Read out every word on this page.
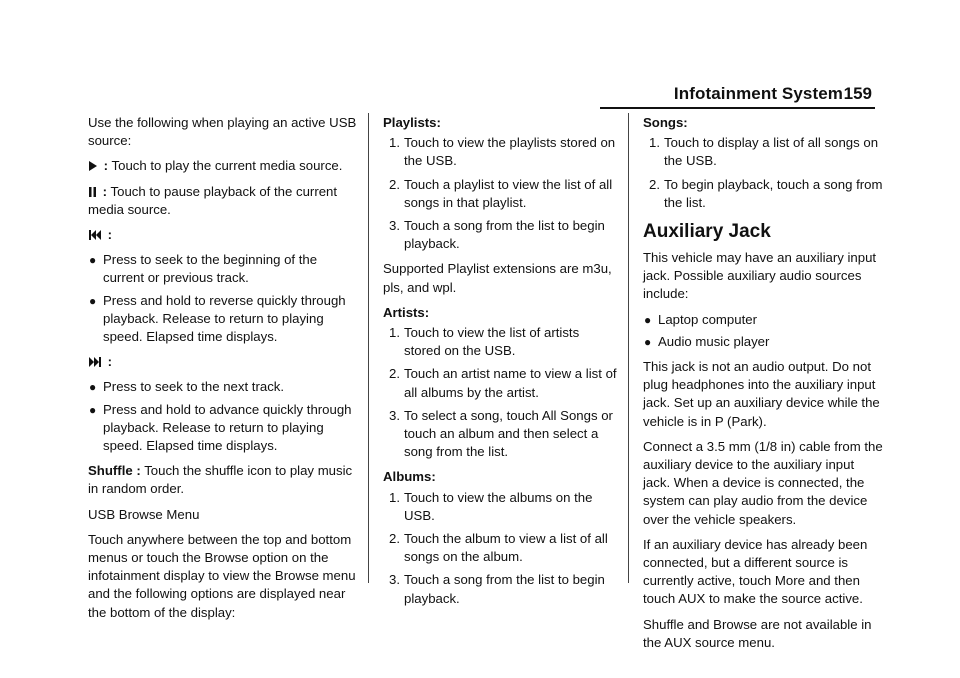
Infotainment System 159

Use the following when playing an active USB source:

: Touch to play the current media source.

: Touch to pause playback of the current media source.

:

● Press to seek to the beginning of the current or previous track.
● Press and hold to reverse quickly through playback. Release to return to playing speed. Elapsed time displays.

:

● Press to seek to the next track.
● Press and hold to advance quickly through playback. Release to return to playing speed. Elapsed time displays.

Shuffle : Touch the shuffle icon to play music in random order.

USB Browse Menu

Touch anywhere between the top and bottom menus or touch the Browse option on the infotainment display to view the Browse menu and the following options are displayed near the bottom of the display:

Playlists:

1. Touch to view the playlists stored on the USB.
2. Touch a playlist to view the list of all songs in that playlist.
3. Touch a song from the list to begin playback.

Supported Playlist extensions are m3u, pls, and wpl.

Artists:

1. Touch to view the list of artists stored on the USB.
2. Touch an artist name to view a list of all albums by the artist.
3. To select a song, touch All Songs or touch an album and then select a song from the list.

Albums:

1. Touch to view the albums on the USB.
2. Touch the album to view a list of all songs on the album.
3. Touch a song from the list to begin playback.

Songs:

1. Touch to display a list of all songs on the USB.
2. To begin playback, touch a song from the list.
Auxiliary Jack

This vehicle may have an auxiliary input jack. Possible auxiliary audio sources include:

● Laptop computer
● Audio music player

This jack is not an audio output. Do not plug headphones into the auxiliary input jack. Set up an auxiliary device while the vehicle is in P (Park).

Connect a 3.5 mm (1/8 in) cable from the auxiliary device to the auxiliary input jack. When a device is connected, the system can play audio from the device over the vehicle speakers.

If an auxiliary device has already been connected, but a different source is currently active, touch More and then touch AUX to make the source active.

Shuffle and Browse are not available in the AUX source menu.
